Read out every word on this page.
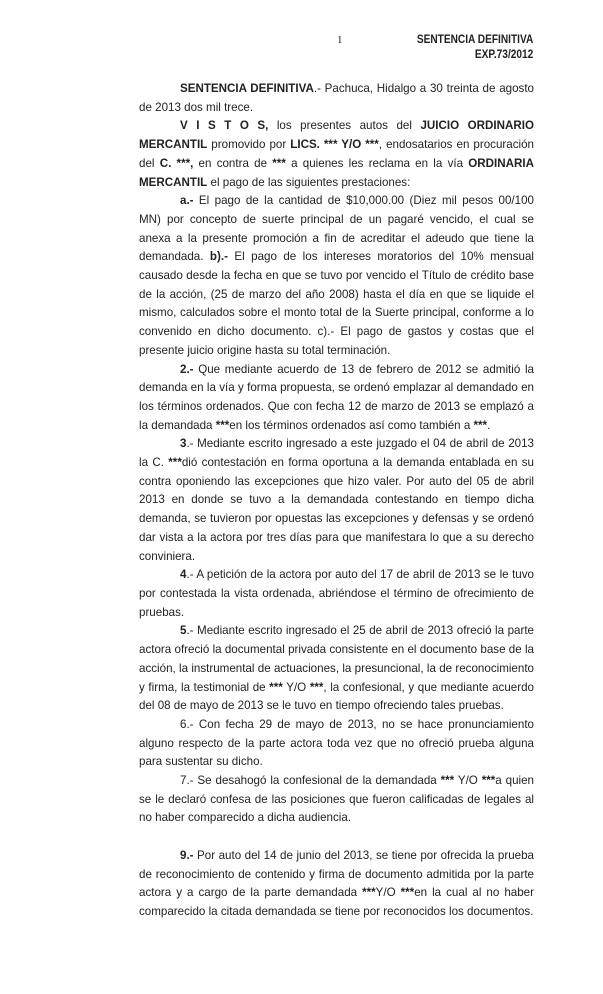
1	SENTENCIA DEFINITIVA
EXP.73/2012

SENTENCIA DEFINITIVA.- Pachuca, Hidalgo a 30 treinta de agosto de 2013 dos mil trece.

V I S T O S, los presentes autos del JUICIO ORDINARIO MERCANTIL promovido por LICS. *** Y/O ***, endosatarios en procuración del C. ***, en contra de *** a quienes les reclama en la vía ORDINARIA MERCANTIL el pago de las siguientes prestaciones:

a.- El pago de la cantidad de $10,000.00 (Diez mil pesos 00/100 MN) por concepto de suerte principal de un pagaré vencido, el cual se anexa a la presente promoción a fin de acreditar el adeudo que tiene la demandada. b).- El pago de los intereses moratorios del 10% mensual causado desde la fecha en que se tuvo por vencido el Título de crédito base de la acción, (25 de marzo del año 2008) hasta el día en que se liquide el mismo, calculados sobre el monto total de la Suerte principal, conforme a lo convenido en dicho documento. c).- El pago de gastos y costas que el presente juicio origine hasta su total terminación.

2.- Que mediante acuerdo de 13 de febrero de 2012 se admitió la demanda en la vía y forma propuesta, se ordenó emplazar al demandado en los términos ordenados. Que con fecha 12 de marzo de 2013 se emplazó a la demandada ***en los términos ordenados así como también a ***.

3.- Mediante escrito ingresado a este juzgado el 04 de abril de 2013 la C. ***dió contestación en forma oportuna a la demanda entablada en su contra oponiendo las excepciones que hizo valer. Por auto del 05 de abril 2013 en donde se tuvo a la demandada contestando en tiempo dicha demanda, se tuvieron por opuestas las excepciones y defensas y se ordenó dar vista a la actora por tres días para que manifestara lo que a su derecho conviniera.

4.- A petición de la actora por auto del 17 de abril de 2013 se le tuvo por contestada la vista ordenada, abriéndose el término de ofrecimiento de pruebas.

5.- Mediante escrito ingresado el 25 de abril de 2013 ofreció la parte actora ofreció la documental privada consistente en el documento base de la acción, la instrumental de actuaciones, la presuncional, la de reconocimiento y firma, la testimonial de *** Y/O ***, la confesional, y que mediante acuerdo del 08 de mayo de 2013 se le tuvo en tiempo ofreciendo tales pruebas.

6.- Con fecha 29 de mayo de 2013, no se hace pronunciamiento alguno respecto de la parte actora toda vez que no ofreció prueba alguna para sustentar su dicho.

7.- Se desahogó la confesional de la demandada *** Y/O ***a quien se le declaró confesa de las posiciones que fueron calificadas de legales al no haber comparecido a dicha audiencia.

9.- Por auto del 14 de junio del 2013, se tiene por ofrecida la prueba de reconocimiento de contenido y firma de documento admitida por la parte actora y a cargo de la parte demandada ***Y/O ***en la cual al no haber comparecido la citada demandada se tiene por reconocidos los documentos.
